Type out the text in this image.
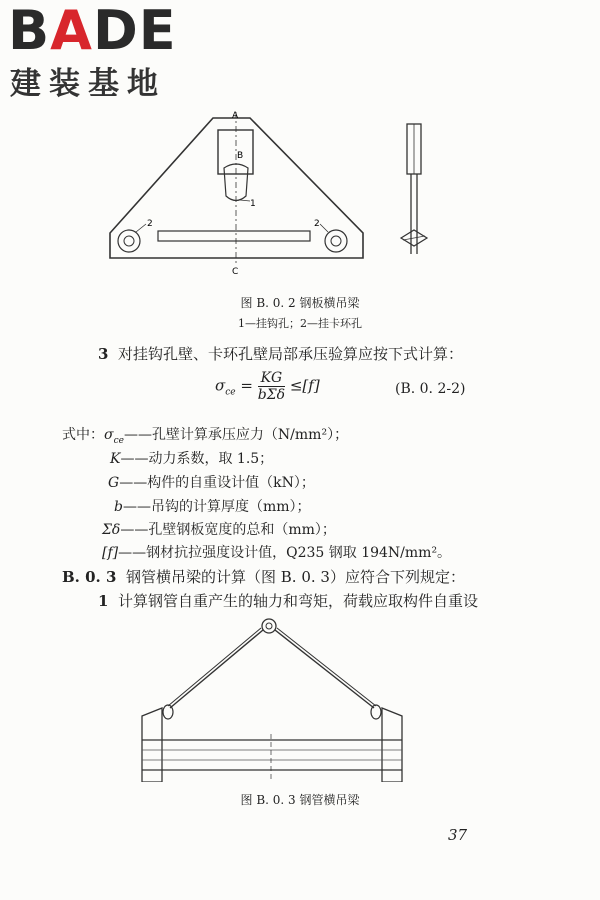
BADE
建装基地
A
B
1
2	2
C
图 B. 0. 2 钢板横吊梁
1—挂钩孔；2—挂卡环孔
3 对挂钩孔壁、卡环孔壁局部承压验算应按下式计算：
$\sigma_{ce}$ = KG
bΣδ
≤[f]	(B. 0. 2-2)
式中：$\sigma_{ce}——$孔壁计算承压应力（N/mm²）；
K——动力系数，取 1.5；
G——构件的自重设计值（kN）；
b——吊钩的计算厚度（mm）；
Σδ——孔壁钢板宽度的总和（mm）；
[f]——钢材抗拉强度设计值，Q235 钢取 194N/mm²。
B. 0. 3 钢管横吊梁的计算（图 B. 0. 3）应符合下列规定：
1 计算钢管自重产生的轴力和弯矩，荷载应取构件自重设
图 B. 0. 3 钢管横吊梁
37
